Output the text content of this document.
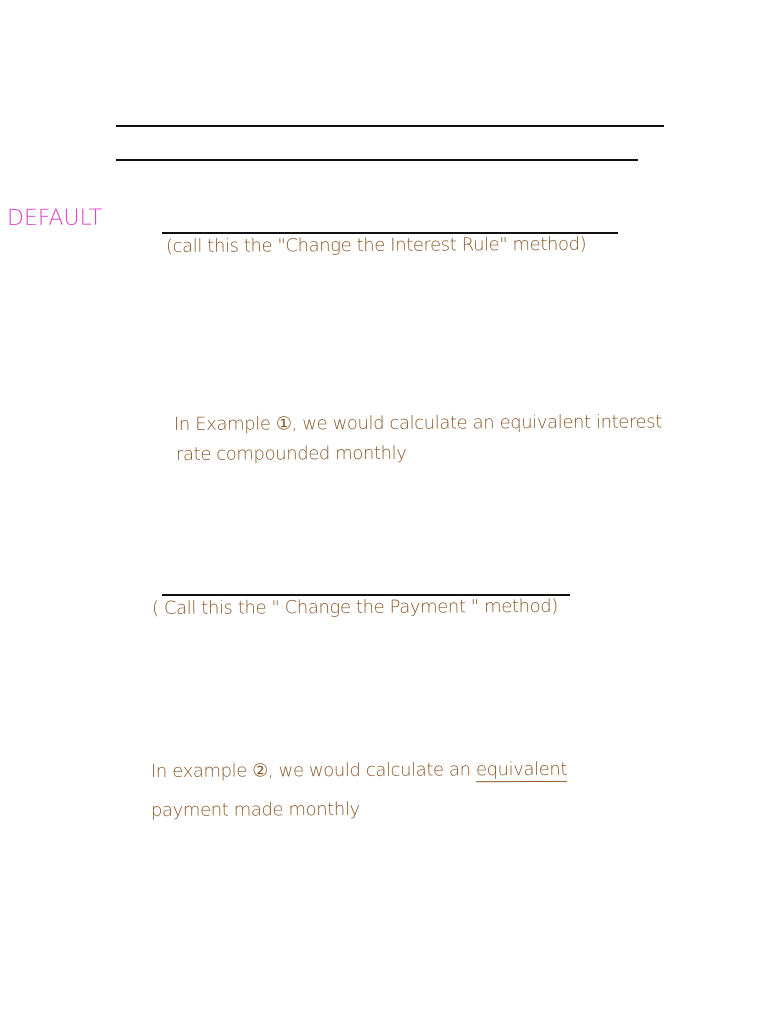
DEFAULT
(call this the "Change the Interest Rule" method)
In Example ①, we would calculate an equivalent interest
rate compounded monthly
( Call this the " Change the Payment " method)
In example ②, we would calculate an equivalent
payment made monthly
